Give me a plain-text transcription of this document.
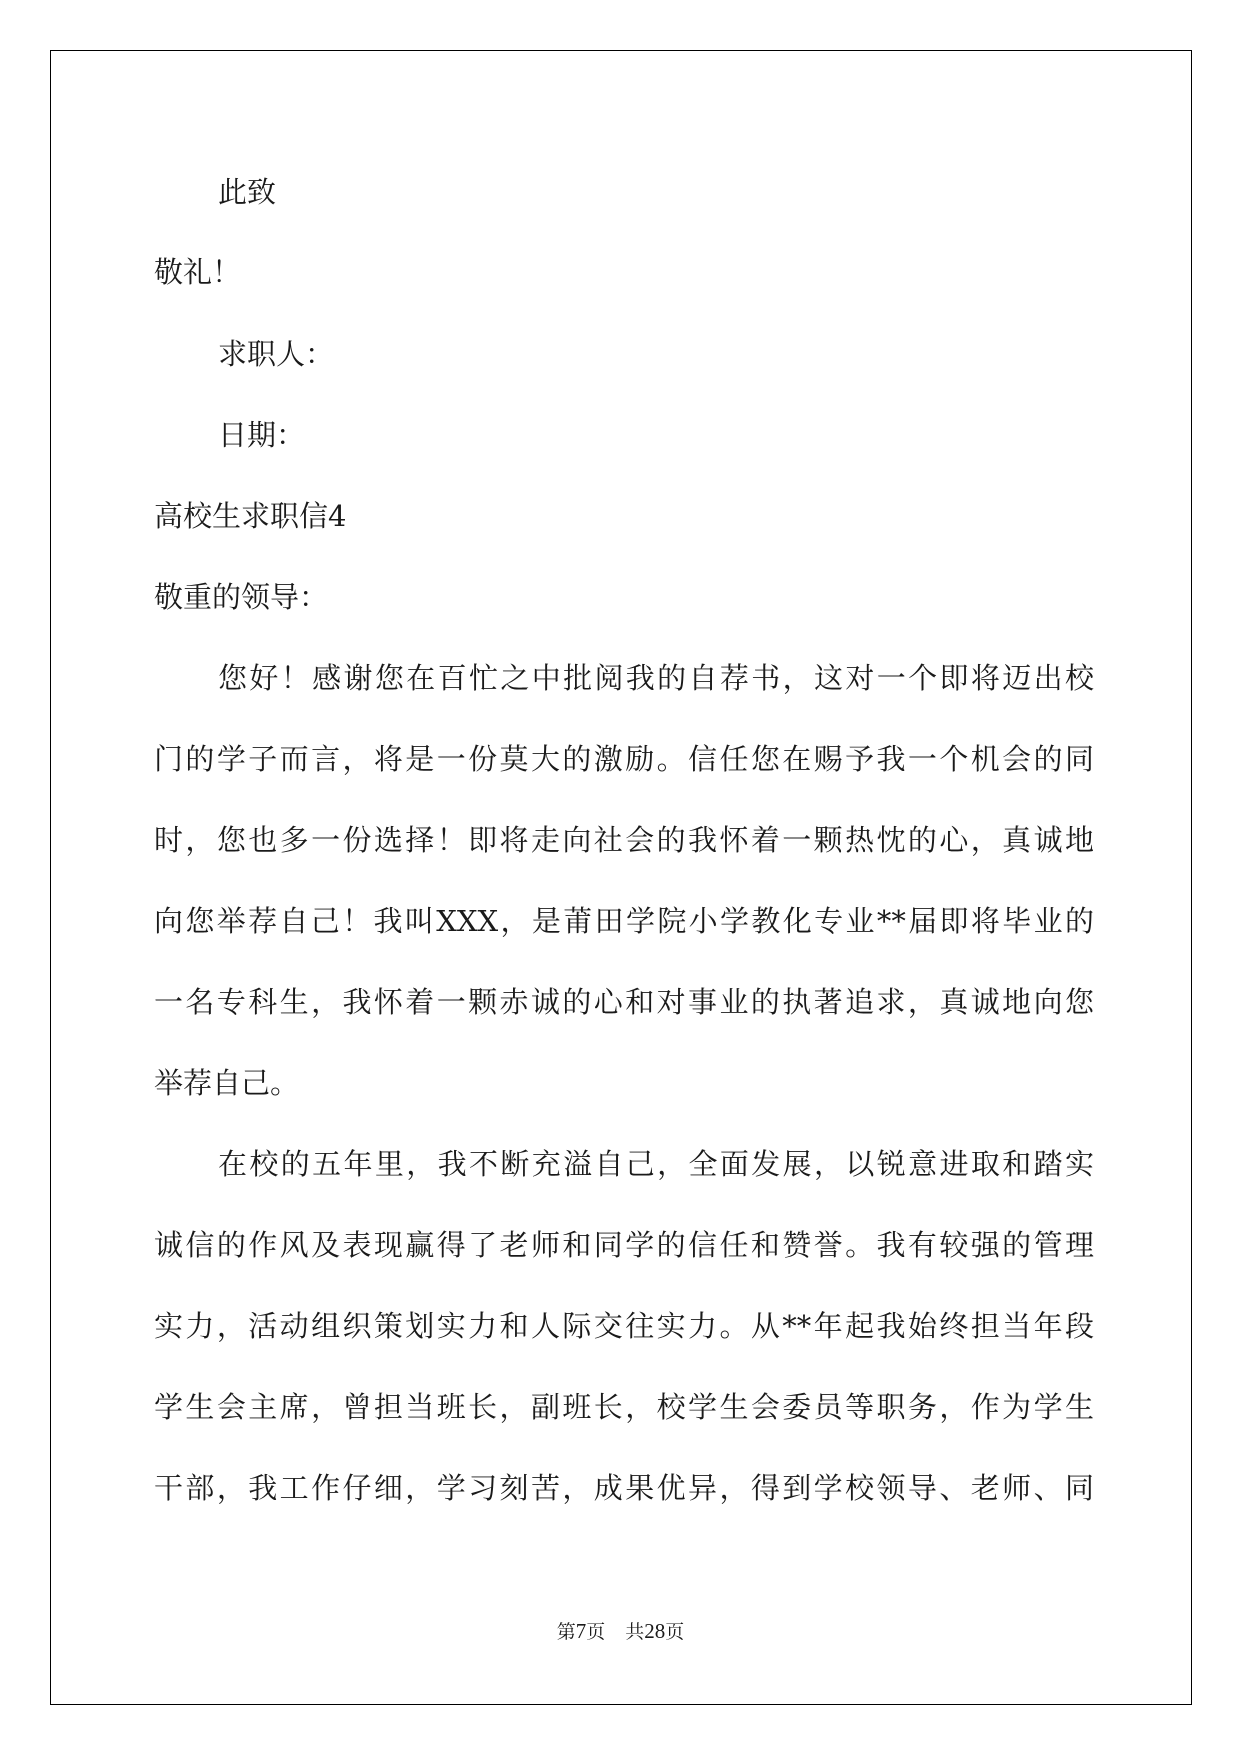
此致

敬礼！

求职人：

日期：

高校生求职信4

敬重的领导：

您好！感谢您在百忙之中批阅我的自荐书，这对一个即将迈出校

门的学子而言，将是一份莫大的激励。信任您在赐予我一个机会的同

时，您也多一份选择！即将走向社会的我怀着一颗热忱的心，真诚地

向您举荐自己！我叫XXX，是莆田学院小学教化专业**届即将毕业的

一名专科生，我怀着一颗赤诚的心和对事业的执著追求，真诚地向您

举荐自己。

在校的五年里，我不断充溢自己，全面发展，以锐意进取和踏实

诚信的作风及表现赢得了老师和同学的信任和赞誉。我有较强的管理

实力，活动组织策划实力和人际交往实力。从**年起我始终担当年段

学生会主席，曾担当班长，副班长，校学生会委员等职务，作为学生

干部，我工作仔细，学习刻苦，成果优异，得到学校领导、老师、同

第7页 共28页
